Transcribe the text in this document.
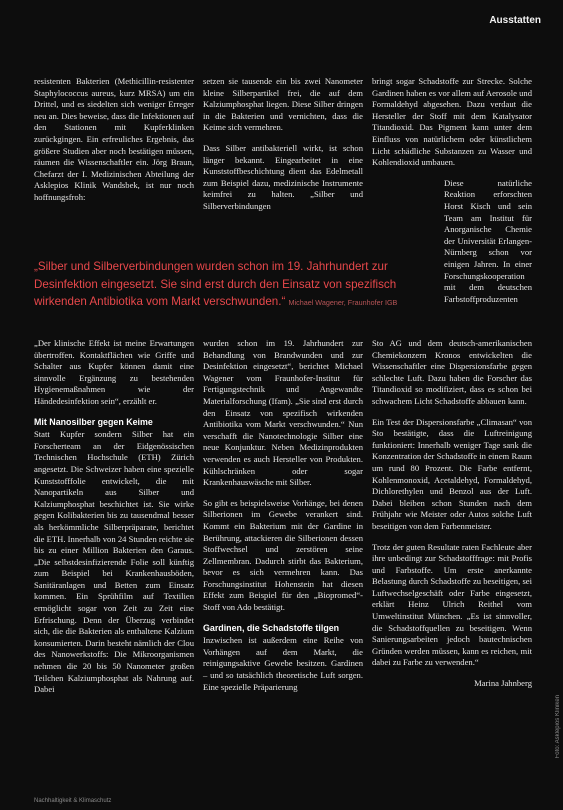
Ausstatten

resistenten Bakterien (Methicillin-resistenter Staphylococcus aureus, kurz MRSA) um ein Drittel, und es siedelten sich weniger Erreger neu an. Dies beweise, dass die Infektionen auf den Stationen mit Kupferklinken zurückgingen. Ein erfreuliches Ergebnis, das größere Studien aber noch bestätigen müssen, räumen die Wissenschaftler ein. Jörg Braun, Chefarzt der I. Medizinischen Abteilung der Asklepios Klinik Wandsbek, ist nur noch hoffnungsfroh:

setzen sie tausende ein bis zwei Nanometer kleine Silberpartikel frei, die auf dem Kalziumphosphat liegen. Diese Silber dringen in die Bakterien und vernichten, dass die Keime sich vermehren.

Dass Silber antibakteriell wirkt, ist schon länger bekannt. Eingearbeitet in eine Kunststoffbeschichtung dient das Edelmetall zum Beispiel dazu, medizinische Instrumente keimfrei zu halten. „Silber und Silberverbindungen

bringt sogar Schadstoffe zur Strecke. Solche Gardinen haben es vor allem auf Aerosole und Formaldehyd abgesehen. Dazu verdaut die Hersteller der Stoff mit dem Katalysator Titandioxid. Das Pigment kann unter dem Einfluss von natürlichem oder künstlichem Licht schädliche Substanzen zu Wasser und Kohlendioxid umbauen.

Diese natürliche Reaktion erforschten Horst Kisch und sein Team am Institut für Anorganische Chemie der Universität Erlangen-Nürnberg schon vor einigen Jahren. In einer Forschungskooperation mit dem deutschen Farbstoffproduzenten

„Silber und Silberverbindungen wurden schon im 19. Jahrhundert zur Desinfektion eingesetzt. Sie sind erst durch den Einsatz von spezifisch wirkenden Antibiotika vom Markt verschwunden.“ Michael Wagener, Fraunhofer IGB

„Der klinische Effekt ist meine Erwartungen übertroffen. Kontaktflächen wie Griffe und Schalter aus Kupfer können damit eine sinnvolle Ergänzung zu bestehenden Hygienemaßnahmen wie der Händedesinfektion sein“, erzählt er.

Mit Nanosilber gegen Keime

Statt Kupfer sondern Silber hat ein Forscherteam an der Eidgenössischen Technischen Hochschule (ETH) Zürich angesetzt. Die Schweizer haben eine spezielle Kunststofffolie entwickelt, die mit Nanopartikeln aus Silber und Kalziumphosphat beschichtet ist. Sie wirke gegen Kolibakterien bis zu tausendmal besser als herkömmliche Silberpräparate, berichtet die ETH. Innerhalb von 24 Stunden reichte sie bis zu einer Million Bakterien den Garaus. „Die selbstdesinfizierende Folie soll künftig zum Beispiel bei Krankenhausböden, Sanitäranlagen und Betten zum Einsatz kommen. Ein Sprühfilm auf Textilien ermöglicht sogar von Zeit zu Zeit eine Erfrischung. Denn der Überzug verbindet sich, die die Bakterien als enthaltene Kalzium konsumierten. Darin besteht nämlich der Clou des Nanowerkstoffs: Die Mikroorganismen nehmen die 20 bis 50 Nanometer großen Teilchen Kalziumphosphat als Nahrung auf. Dabei

wurden schon im 19. Jahrhundert zur Behandlung von Brandwunden und zur Desinfektion eingesetzt“, berichtet Michael Wagener vom Fraunhofer-Institut für Fertigungstechnik und Angewandte Materialforschung (Ifam). „Sie sind erst durch den Einsatz von spezifisch wirkenden Antibiotika vom Markt verschwunden.“ Nun verschafft die Nanotechnologie Silber eine neue Konjunktur. Neben Medizinprodukten verwenden es auch Hersteller von Produkten. Kühlschränken oder sogar Krankenhauswäsche mit Silber.

So gibt es beispielsweise Vorhänge, bei denen Silberionen im Gewebe verankert sind. Kommt ein Bakterium mit der Gardine in Berührung, attackieren die Silberionen dessen Stoffwechsel und zerstören seine Zellmembran. Dadurch stirbt das Bakterium, bevor es sich vermehren kann. Das Forschungsinstitut Hohenstein hat diesen Effekt zum Beispiel für den „Biopromed“-Stoff von Ado bestätigt.

Gardinen, die Schadstoffe tilgen

Inzwischen ist außerdem eine Reihe von Vorhängen auf dem Markt, die reinigungsaktive Gewebe besitzen. Gardinen – und so tatsächlich theoretische Luft sorgen. Eine spezielle Präparierung

Sto AG und dem deutsch-amerikanischen Chemiekonzern Kronos entwickelten die Wissenschaftler eine Dispersionsfarbe gegen schlechte Luft. Dazu haben die Forscher das Titandioxid so modifiziert, dass es schon bei schwachem Licht Schadstoffe abbauen kann.

Ein Test der Dispersionsfarbe „Climasan“ von Sto bestätigte, dass die Luftreinigung funktioniert: Innerhalb weniger Tage sank die Konzentration der Schadstoffe in einem Raum um rund 80 Prozent. Die Farbe entfernt, Kohlenmonoxid, Acetaldehyd, Formaldehyd, Dichlorethylen und Benzol aus der Luft. Dabei bleiben schon Stunden nach dem Frühjahr wie Meister oder Autos solche Luft beseitigen von dem Farbenmeister.

Trotz der guten Resultate raten Fachleute aber ihre unbedingt zur Schadstofffrage: mit Profis und Farbstoffe. Um erste anerkannte Belastung durch Schadstoffe zu beseitigen, sei Luftwechselgeschäft oder Farbe eingesetzt, erklärt Heinz Ulrich Reithel vom Umweltinstitut München. „Es ist sinnvoller, die Schadstoffquellen zu beseitigen. Wenn Sanierungsarbeiten jedoch bautechnischen Gründen werden müssen, kann es reichen, mit dabei zu Farbe zu verwenden.“

Marina Jahnberg
Foto: Asklepios Kliniken
Nachhaltigkeit & Klimaschutz
